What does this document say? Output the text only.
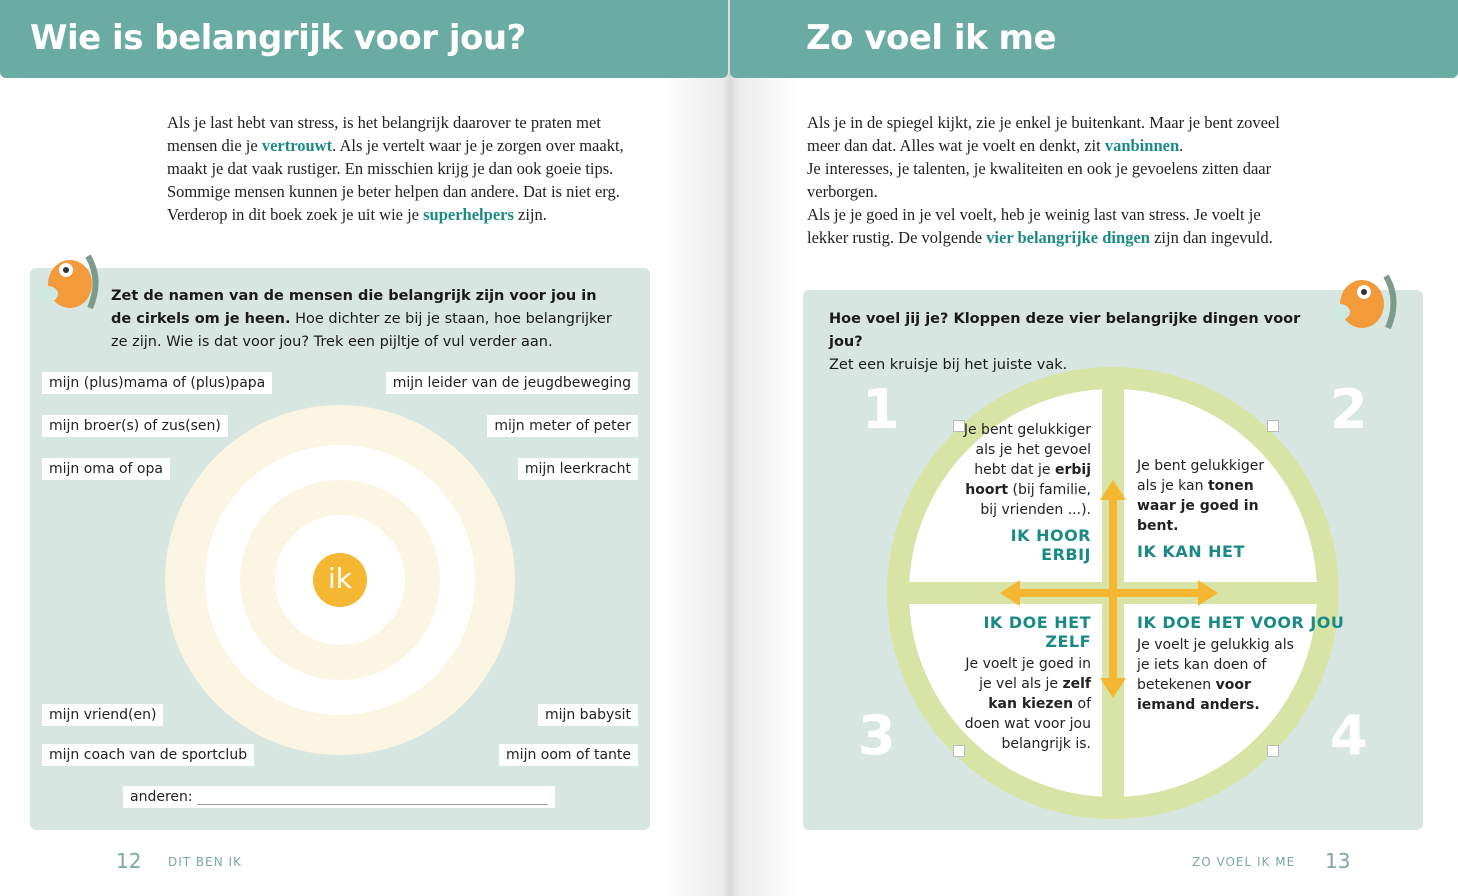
Wie is belangrijk voor jou?

Als je last hebt van stress, is het belangrijk daarover te praten met mensen die je vertrouwt. Als je vertelt waar je je zorgen over maakt, maakt je dat vaak rustiger. En misschien krijg je dan ook goeie tips.
Sommige mensen kunnen je beter helpen dan andere. Dat is niet erg. Verderop in dit boek zoek je uit wie je superhelpers zijn.

Zet de namen van de mensen die belangrijk zijn voor jou in de cirkels om je heen. Hoe dichter ze bij je staan, hoe belangrijker ze zijn. Wie is dat voor jou? Trek een pijltje of vul verder aan.

ik
mijn (plus)mama of (plus)papa	mijn leider van de jeugdbeweging
mijn broer(s) of zus(sen)	mijn meter of peter
mijn oma of opa	mijn leerkracht
mijn vriend(en)	mijn babysit
mijn coach van de sportclub	mijn oom of tante
anderen:
12 DIT BEN IK
Zo voel ik me

Als je in de spiegel kijkt, zie je enkel je buitenkant. Maar je bent zoveel meer dan dat. Alles wat je voelt en denkt, zit vanbinnen.
Je interesses, je talenten, je kwaliteiten en ook je gevoelens zitten daar verborgen.
Als je je goed in je vel voelt, heb je weinig last van stress. Je voelt je lekker rustig. De volgende vier belangrijke dingen zijn dan ingevuld.

Hoe voel jij je? Kloppen deze vier belangrijke dingen voor jou?
Zet een kruisje bij het juiste vak.

1	2
3	4

Je bent gelukkiger als je het gevoel hebt dat je erbij hoort (bij familie, bij vrienden ...).

IK HOOR ERBIJ

Je bent gelukkiger als je kan tonen waar je goed in bent.

IK KAN HET

IK DOE HET ZELF

Je voelt je goed in je vel als je zelf kan kiezen of doen wat voor jou belangrijk is.

IK DOE HET VOOR JOU

Je voelt je gelukkig als je iets kan doen of betekenen voor iemand anders.

ZO VOEL IK ME 13
